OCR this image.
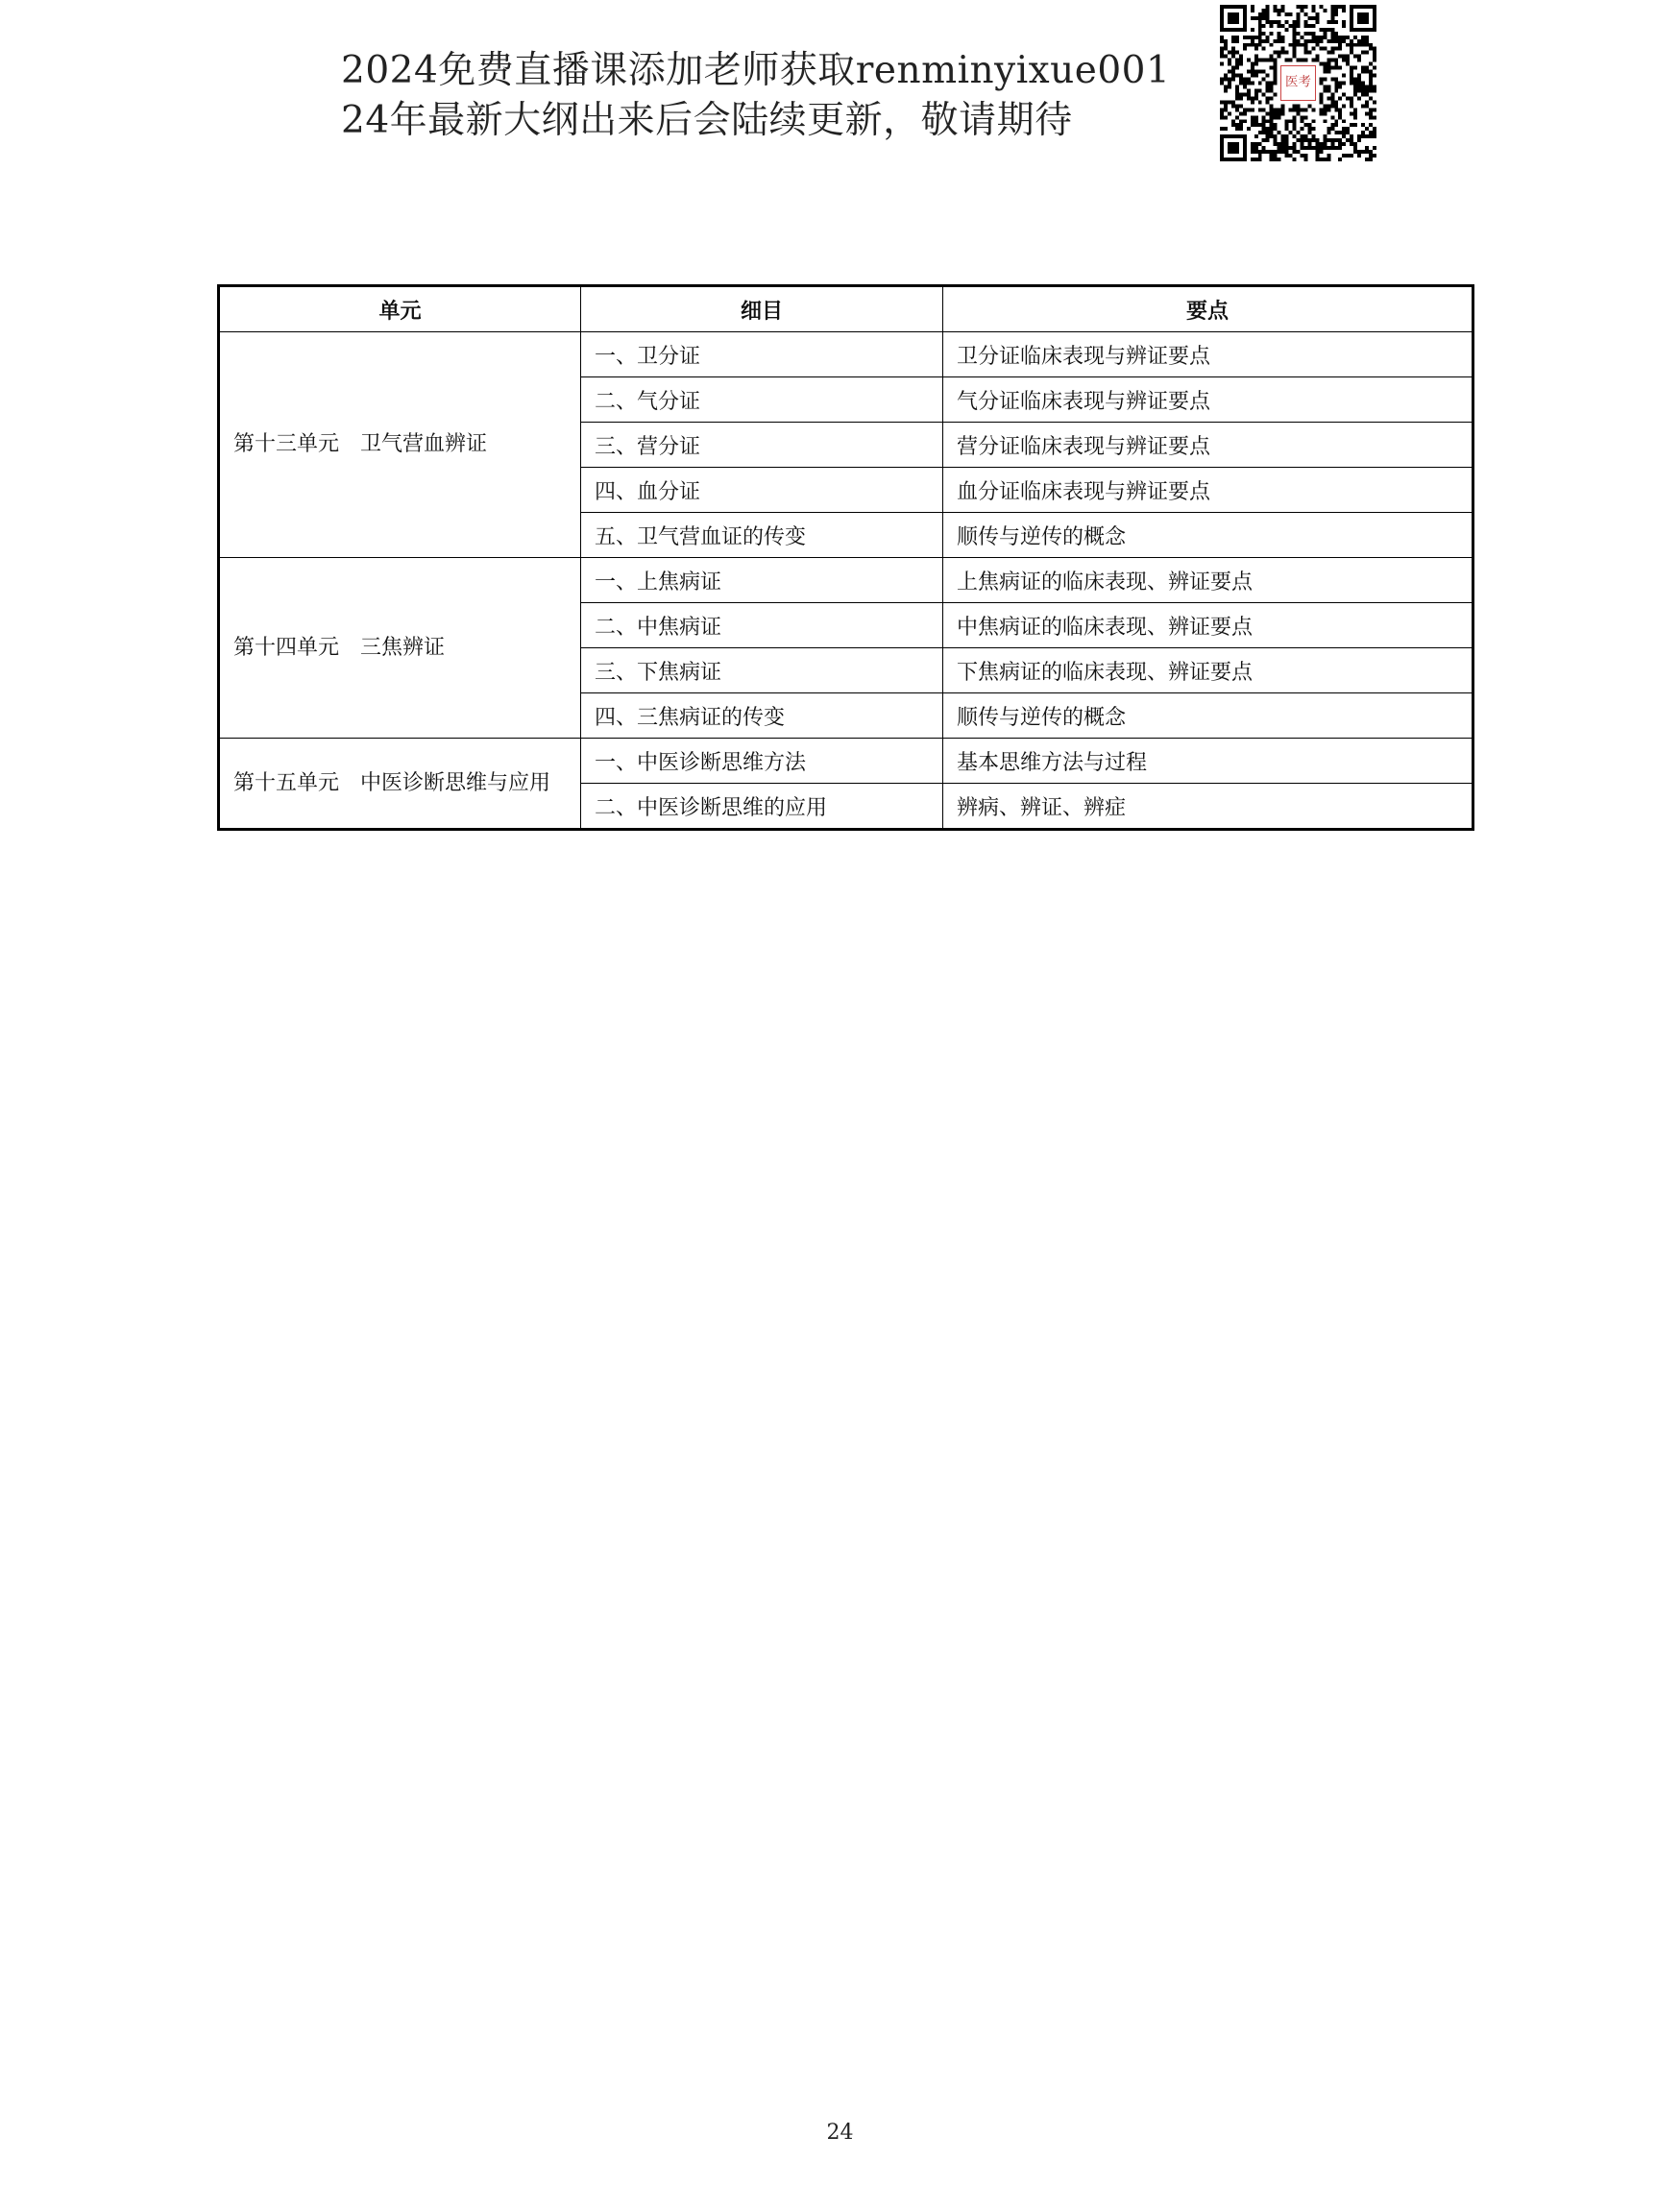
2024免费直播课添加老师获取renminyixue001
24年最新大纲出来后会陆续更新，敬请期待
医考
单元	细目	要点
第十三单元　卫气营血辨证	一、卫分证	卫分证临床表现与辨证要点
	二、气分证	气分证临床表现与辨证要点
	三、营分证	营分证临床表现与辨证要点
	四、血分证	血分证临床表现与辨证要点
	五、卫气营血证的传变	顺传与逆传的概念
第十四单元　三焦辨证	一、上焦病证	上焦病证的临床表现、辨证要点
	二、中焦病证	中焦病证的临床表现、辨证要点
	三、下焦病证	下焦病证的临床表现、辨证要点
	四、三焦病证的传变	顺传与逆传的概念
第十五单元　中医诊断思维与应用	一、中医诊断思维方法	基本思维方法与过程
	二、中医诊断思维的应用	辨病、辨证、辨症
24
